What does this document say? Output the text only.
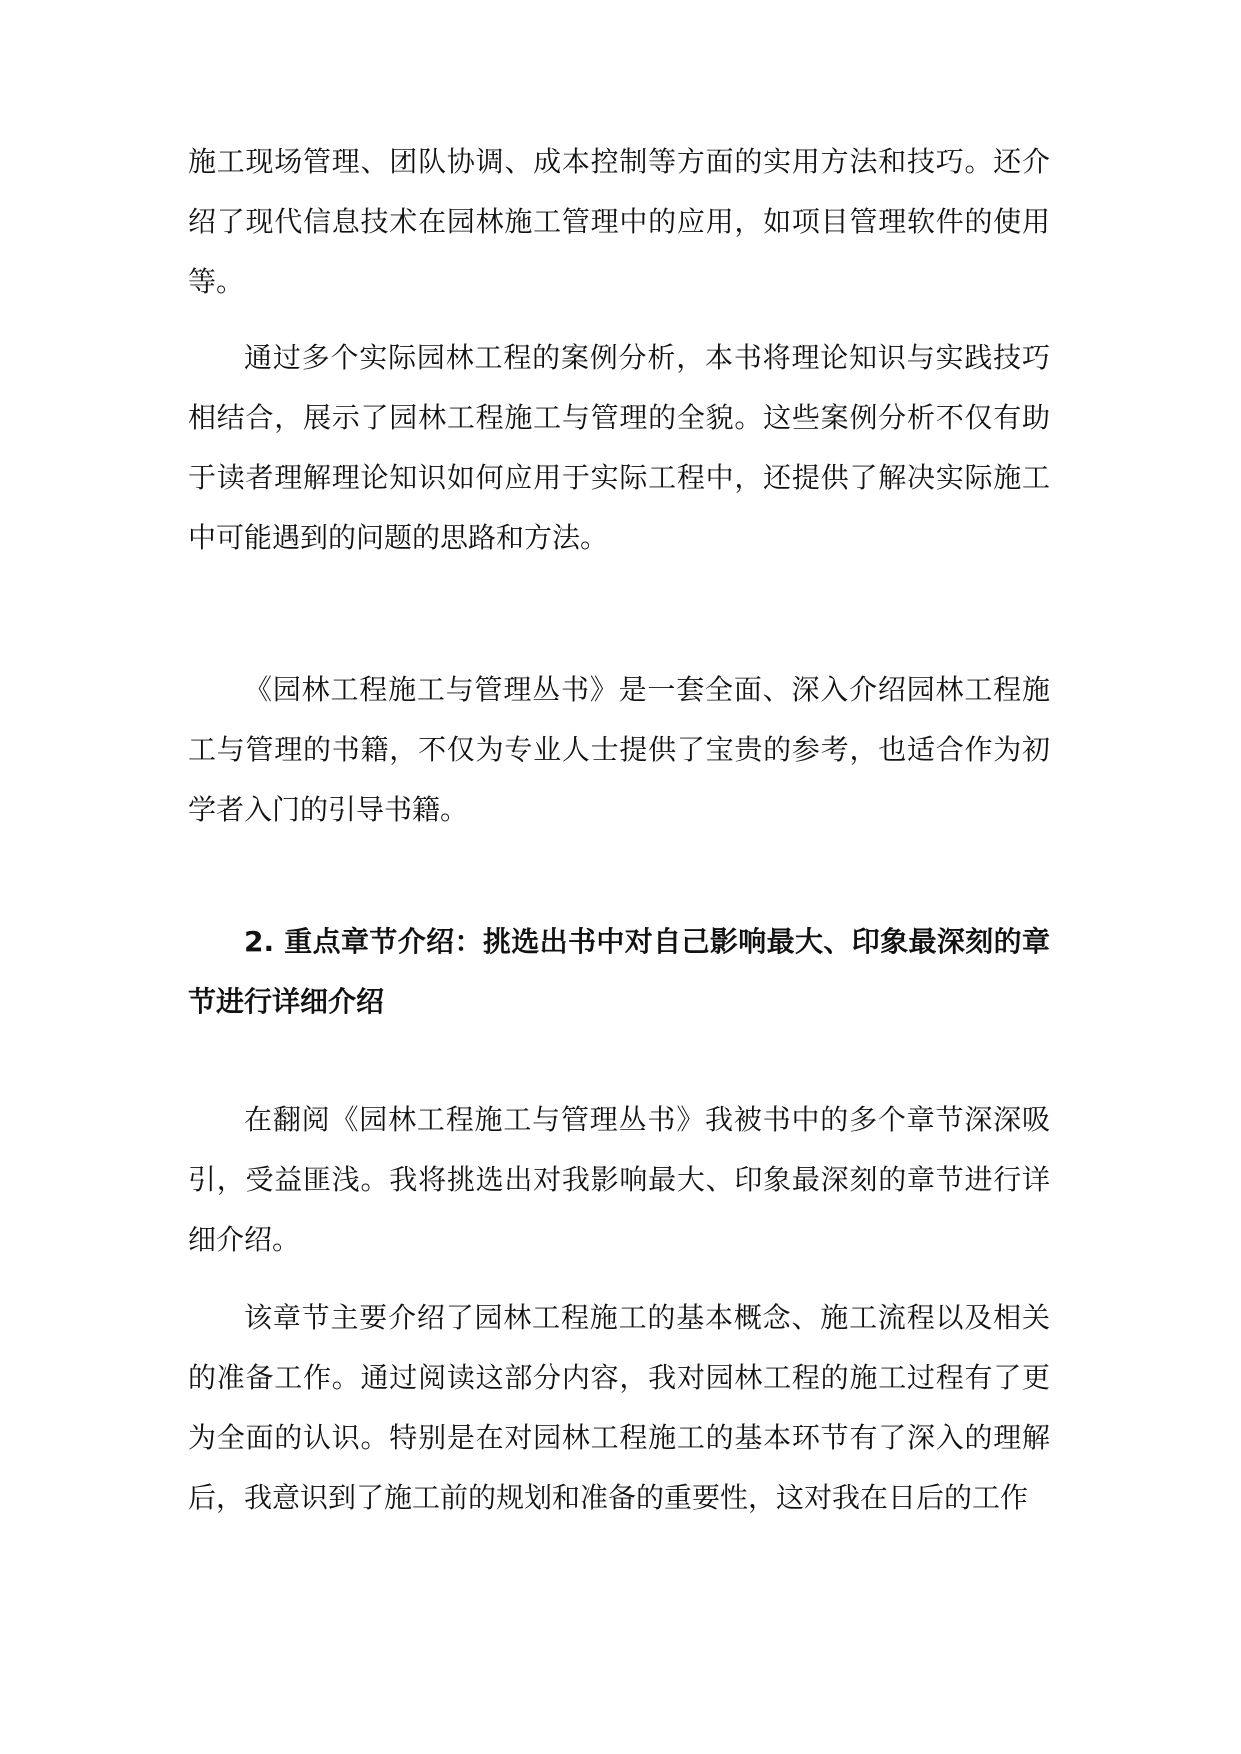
施工现场管理、团队协调、成本控制等方面的实用方法和技巧。还介绍了现代信息技术在园林施工管理中的应用，如项目管理软件的使用等。

通过多个实际园林工程的案例分析，本书将理论知识与实践技巧相结合，展示了园林工程施工与管理的全貌。这些案例分析不仅有助于读者理解理论知识如何应用于实际工程中，还提供了解决实际施工中可能遇到的问题的思路和方法。

《园林工程施工与管理丛书》是一套全面、深入介绍园林工程施工与管理的书籍，不仅为专业人士提供了宝贵的参考，也适合作为初学者入门的引导书籍。

2. 重点章节介绍：挑选出书中对自己影响最大、印象最深刻的章节进行详细介绍

在翻阅《园林工程施工与管理丛书》我被书中的多个章节深深吸引，受益匪浅。我将挑选出对我影响最大、印象最深刻的章节进行详细介绍。

该章节主要介绍了园林工程施工的基本概念、施工流程以及相关的准备工作。通过阅读这部分内容，我对园林工程的施工过程有了更为全面的认识。特别是在对园林工程施工的基本环节有了深入的理解后，我意识到了施工前的规划和准备的重要性，这对我在日后的工作
